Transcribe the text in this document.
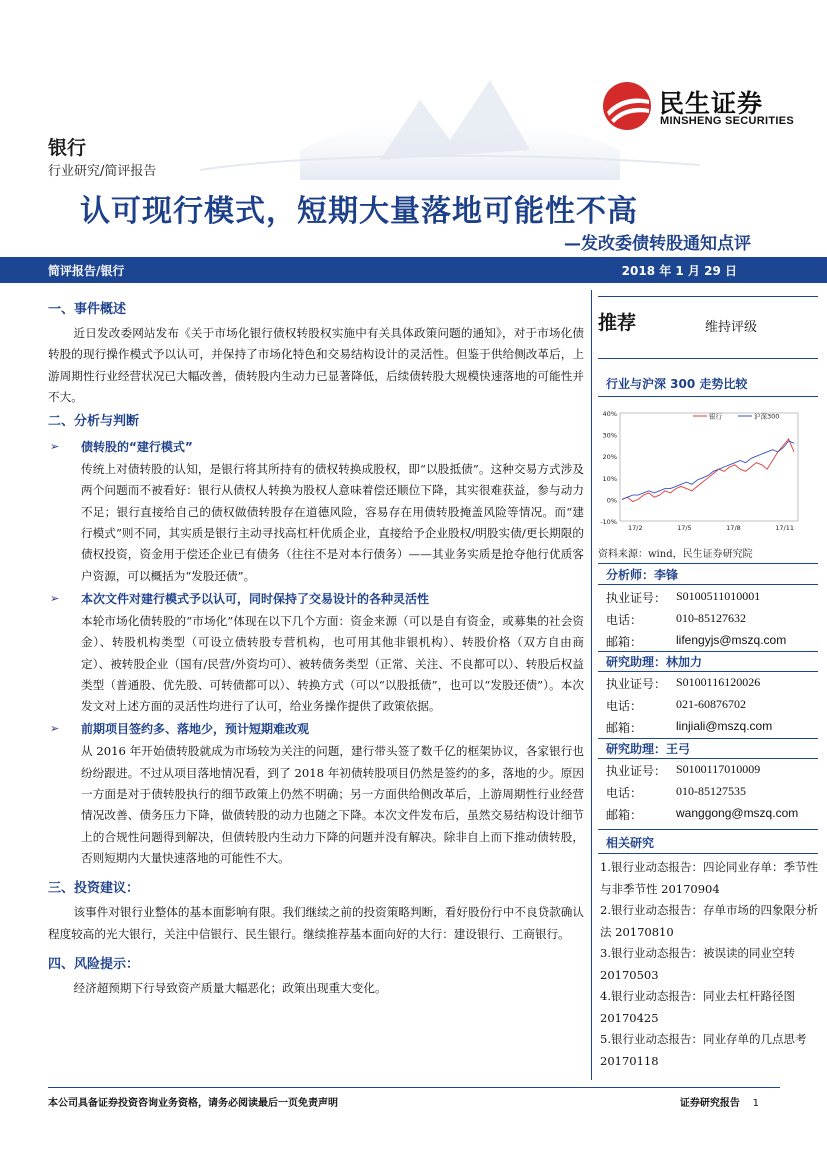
民生证券
MINSHENG SECURITIES
银行
行业研究/简评报告
认可现行模式，短期大量落地可能性不高
—发改委债转股通知点评
简评报告/银行	2018 年 1 月 29 日
一、事件概述
近日发改委网站发布《关于市场化银行债权转股权实施中有关具体政策问题的通知》，对于市场化债转股的现行操作模式予以认可，并保持了市场化特色和交易结构设计的灵活性。但鉴于供给侧改革后，上游周期性行业经营状况已大幅改善，债转股内生动力已显著降低，后续债转股大规模快速落地的可能性并不大。
二、分析与判断
➢ 债转股的“建行模式”
传统上对债转股的认知，是银行将其所持有的债权转换成股权，即“以股抵债”。这种交易方式涉及两个问题而不被看好：银行从债权人转换为股权人意味着偿还顺位下降，其实很难获益，参与动力不足；银行直接给自己的债权做债转股存在道德风险，容易存在用债转股掩盖风险等情况。而“建行模式”则不同，其实质是银行主动寻找高杠杆优质企业，直接给予企业股权/明股实债/更长期限的债权投资，资金用于偿还企业已有债务（往往不是对本行债务）——其业务实质是抢夺他行优质客户资源，可以概括为“发股还债”。
➢ 本次文件对建行模式予以认可，同时保持了交易设计的各种灵活性
本轮市场化债转股的“市场化”体现在以下几个方面：资金来源（可以是自有资金，或募集的社会资金）、转股机构类型（可设立债转股专营机构，也可用其他非银机构）、转股价格（双方自由商定）、被转股企业（国有/民营/外资均可）、被转债务类型（正常、关注、不良都可以）、转股后权益类型（普通股、优先股、可转债都可以）、转换方式（可以“以股抵债”，也可以“发股还债”）。本次发文对上述方面的灵活性均进行了认可，给业务操作提供了政策依据。
➢ 前期项目签约多、落地少，预计短期难改观
从 2016 年开始债转股就成为市场较为关注的问题，建行带头签了数千亿的框架协议，各家银行也纷纷跟进。不过从项目落地情况看，到了 2018 年初债转股项目仍然是签约的多，落地的少。原因一方面是对于债转股执行的细节政策上仍然不明确；另一方面供给侧改革后，上游周期性行业经营情况改善、债务压力下降，做债转股的动力也随之下降。本次文件发布后，虽然交易结构设计细节上的合规性问题得到解决，但债转股内生动力下降的问题并没有解决。除非自上而下推动债转股，否则短期内大量快速落地的可能性不大。
三、投资建议：
该事件对银行业整体的基本面影响有限。我们继续之前的投资策略判断，看好股份行中不良贷款确认程度较高的光大银行，关注中信银行、民生银行。继续推荐基本面向好的大行：建设银行、工商银行。
四、风险提示：
经济超预期下行导致资产质量大幅恶化；政策出现重大变化。
推荐	维持评级
行业与沪深 300 走势比较
40%
30%
20%
10%
0%
-10%
17/2	17/5	17/8	17/11
银行	沪深300
资料来源：wind，民生证券研究院
分析师：李锋
执业证号： S0100511010001
电话：	010-85127632
邮箱：	lifengyjs@mszq.com
研究助理：林加力
执业证号： S0100116120026
电话：	021-60876702
邮箱：	linjiali@mszq.com
研究助理：王弓
执业证号： S0100117010009
电话：	010-85127535
邮箱：	wanggong@mszq.com
相关研究
1.银行业动态报告：四论同业存单：季节性与非季节性 20170904
2.银行业动态报告：存单市场的四象限分析法 20170810
3.银行业动态报告：被误读的同业空转 20170503
4.银行业动态报告：同业去杠杆路径图 20170425
5.银行业动态报告：同业存单的几点思考 20170118
本公司具备证券投资咨询业务资格，请务必阅读最后一页免责声明	证券研究报告 1
